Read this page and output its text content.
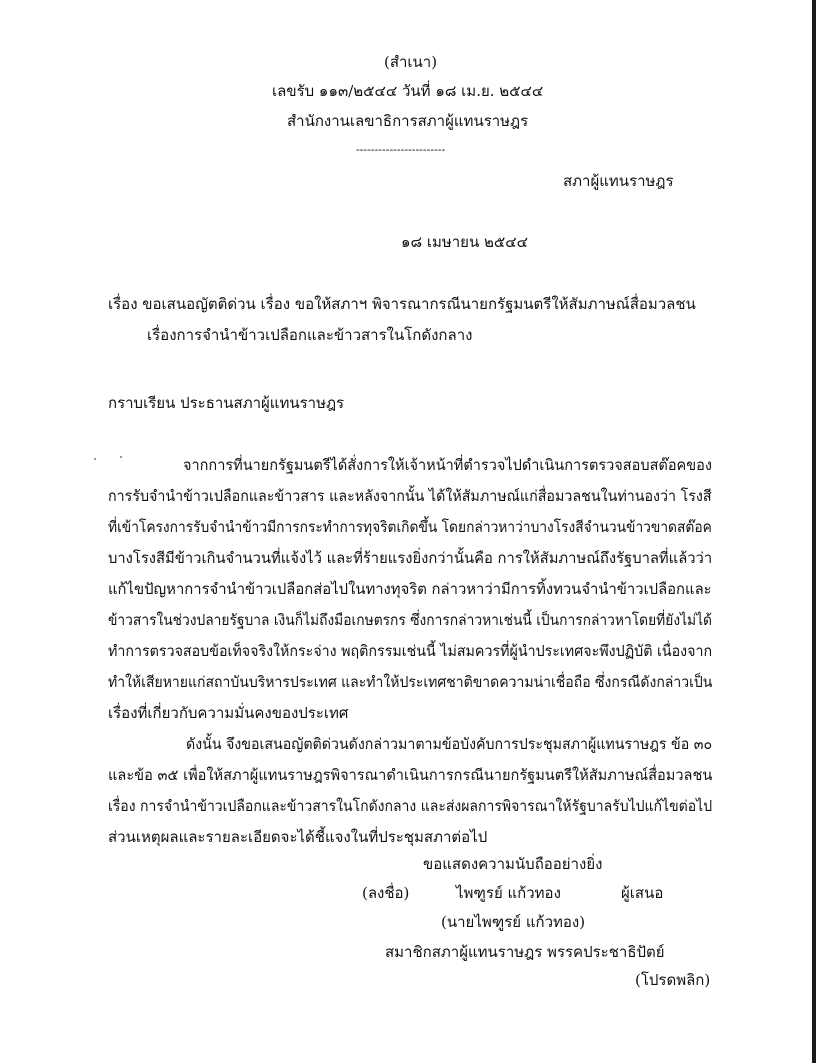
(สำเนา)
เลขรับ ๑๑๓/๒๕๔๔ วันที่ ๑๘ เม.ย. ๒๕๔๔
สำนักงานเลขาธิการสภาผู้แทนราษฎร
------------------------
สภาผู้แทนราษฎร
๑๘ เมษายน ๒๕๔๔
เรื่อง ขอเสนอญัตติด่วน เรื่อง ขอให้สภาฯ พิจารณากรณีนายกรัฐมนตรีให้สัมภาษณ์สื่อมวลชน
เรื่องการจำนำข้าวเปลือกและข้าวสารในโกดังกลาง
กราบเรียน ประธานสภาผู้แทนราษฎร
จากการที่นายกรัฐมนตรีได้สั่งการให้เจ้าหน้าที่ตำรวจไปดำเนินการตรวจสอบสต๊อคของ
การรับจำนำข้าวเปลือกและข้าวสาร และหลังจากนั้น ได้ให้สัมภาษณ์แก่สื่อมวลชนในท่านองว่า โรงสี
ที่เข้าโครงการรับจำนำข้าวมีการกระทำการทุจริตเกิดขึ้น โดยกล่าวหาว่าบางโรงสีจำนวนข้าวขาดสต๊อค
บางโรงสีมีข้าวเกินจำนวนที่แจ้งไว้ และที่ร้ายแรงยิ่งกว่านั้นคือ การให้สัมภาษณ์ถึงรัฐบาลที่แล้วว่า
แก้ไขปัญหาการจำนำข้าวเปลือกส่อไปในทางทุจริต กล่าวหาว่ามีการทิ้งทวนจำนำข้าวเปลือกและ
ข้าวสารในช่วงปลายรัฐบาล เงินก็ไม่ถึงมือเกษตรกร ซึ่งการกล่าวหาเช่นนี้ เป็นการกล่าวหาโดยที่ยังไม่ได้
ทำการตรวจสอบข้อเท็จจริงให้กระจ่าง พฤติกรรมเช่นนี้ ไม่สมควรที่ผู้นำประเทศจะพึงปฏิบัติ เนื่องจาก
ทำให้เสียหายแก่สถาบันบริหารประเทศ และทำให้ประเทศชาติขาดความน่าเชื่อถือ ซึ่งกรณีดังกล่าวเป็น
เรื่องที่เกี่ยวกับความมั่นคงของประเทศ
ดังนั้น จึงขอเสนอญัตติด่วนดังกล่าวมาตามข้อบังคับการประชุมสภาผู้แทนราษฎร ข้อ ๓๐
และข้อ ๓๕ เพื่อให้สภาผู้แทนราษฎรพิจารณาดำเนินการกรณีนายกรัฐมนตรีให้สัมภาษณ์สื่อมวลชน
เรื่อง การจำนำข้าวเปลือกและข้าวสารในโกดังกลาง และส่งผลการพิจารณาให้รัฐบาลรับไปแก้ไขต่อไป
ส่วนเหตุผลและรายละเอียดจะได้ชี้แจงในที่ประชุมสภาต่อไป
ขอแสดงความนับถืออย่างยิ่ง
(ลงชื่อ)	ไพฑูรย์ แก้วทอง	ผู้เสนอ
(นายไพฑูรย์ แก้วทอง)
สมาชิกสภาผู้แทนราษฎร พรรคประชาธิปัตย์
(โปรดพลิก)
